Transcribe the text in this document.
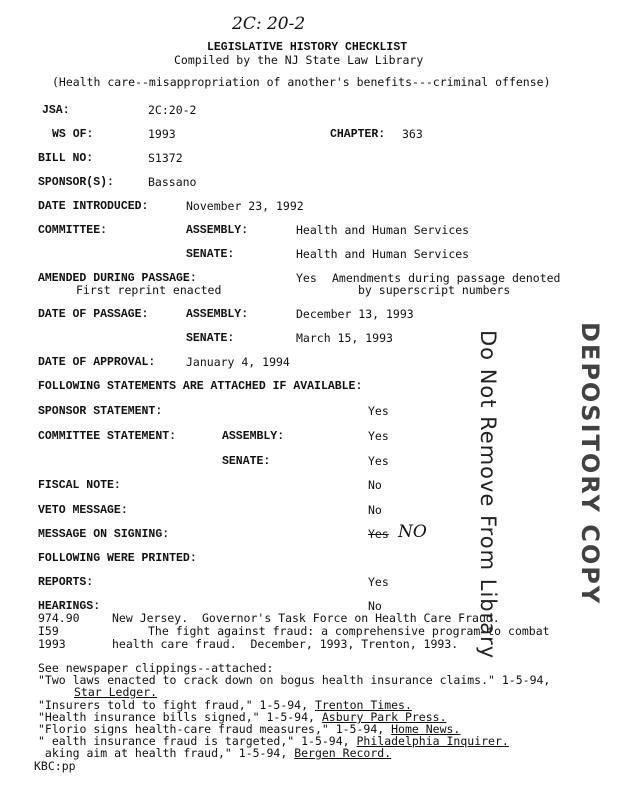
2C: 20-2
LEGISLATIVE HISTORY CHECKLIST
Compiled by the NJ State Law Library
(Health care--misappropriation of another's benefits---criminal offense)
JSA:	2C:20-2
WS OF:	1993	CHAPTER: 363
BILL NO:	S1372
SPONSOR(S):	Bassano
DATE INTRODUCED:	November 23, 1992
COMMITTEE:	ASSEMBLY:	Health and Human Services
SENATE:	Health and Human Services
AMENDED DURING PASSAGE:
First reprint enacted
Yes Amendments during passage denoted
by superscript numbers
DATE OF PASSAGE:	ASSEMBLY:	December 13, 1993
SENATE:	March 15, 1993
DATE OF APPROVAL:	January 4, 1994
FOLLOWING STATEMENTS ARE ATTACHED IF AVAILABLE:
SPONSOR STATEMENT:	Yes
COMMITTEE STATEMENT:	ASSEMBLY:	Yes
SENATE:	Yes
FISCAL NOTE:	No
VETO MESSAGE:	No
MESSAGE ON SIGNING:	Yes NO
FOLLOWING WERE PRINTED:
REPORTS:	Yes
HEARINGS:	No
974.90	New Jersey.  Governor's Task Force on Health Care Fraud.
I59	The fight against fraud: a comprehensive program to combat
1993	health care fraud.  December, 1993, Trenton, 1993.
See newspaper clippings--attached:
"Two laws enacted to crack down on bogus health insurance claims." 1-5-94,
Star Ledger.
"Insurers told to fight fraud," 1-5-94, Trenton Times.
"Health insurance bills signed," 1-5-94, Asbury Park Press.
"Florio signs health-care fraud measures," 1-5-94, Home News.
" ealth insurance fraud is targeted," 1-5-94, Philadelphia Inquirer.
aking aim at health fraud," 1-5-94, Bergen Record.
KBC:pp
Do Not Remove From Library	DEPOSITORY COPY
